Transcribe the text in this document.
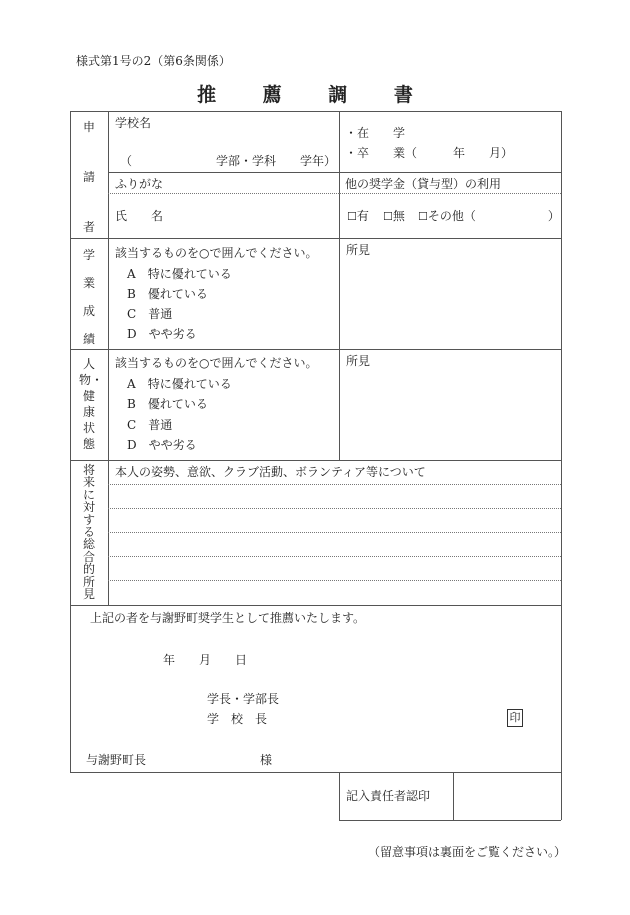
様式第1号の2（第6条関係）
推 薦 調 書
申
請
者
学校名
（　　　　　　　学部・学科　　学年）
・在　　学
・卒　　業（　　　年　　月）
ふりがな	他の奨学金（貸与型）の利用
氏　　名	☐有 ☐無 ☐その他（　　　　　　）
学
業
成
績
該当するものを○で囲んでください。
A　 特に優れている
B　 優れている
C　 普通
D　 やや劣る
所見
人物・健康状態
該当するものを○で囲んでください。
A　 特に優れている
B　 優れている
C　 普通
D　 やや劣る
所見
将来に対する総合的所見
本人の姿勢、意欲、クラブ活動、ボランティア等について
上記の者を与謝野町奨学生として推薦いたします。
年　　月　　日
学長・学部長
学　校　長	印
与謝野町長	様
記入責任者認印
（留意事項は裏面をご覧ください。）
